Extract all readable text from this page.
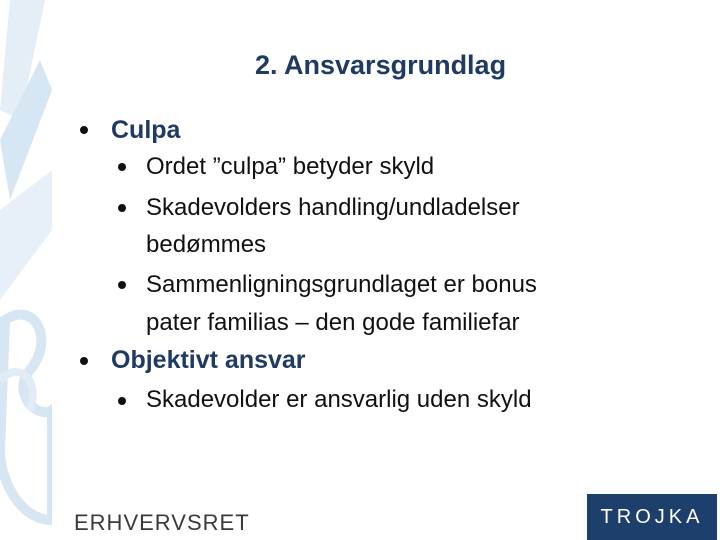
2. Ansvarsgrundlag
Culpa
Ordet ”culpa” betyder skyld
Skadevolders handling/undladelser
bedømmes
Sammenligningsgrundlaget er bonus
pater familias – den gode familiefar
Objektivt ansvar
Skadevolder er ansvarlig uden skyld
ERHVERVSRET	TROJKA
